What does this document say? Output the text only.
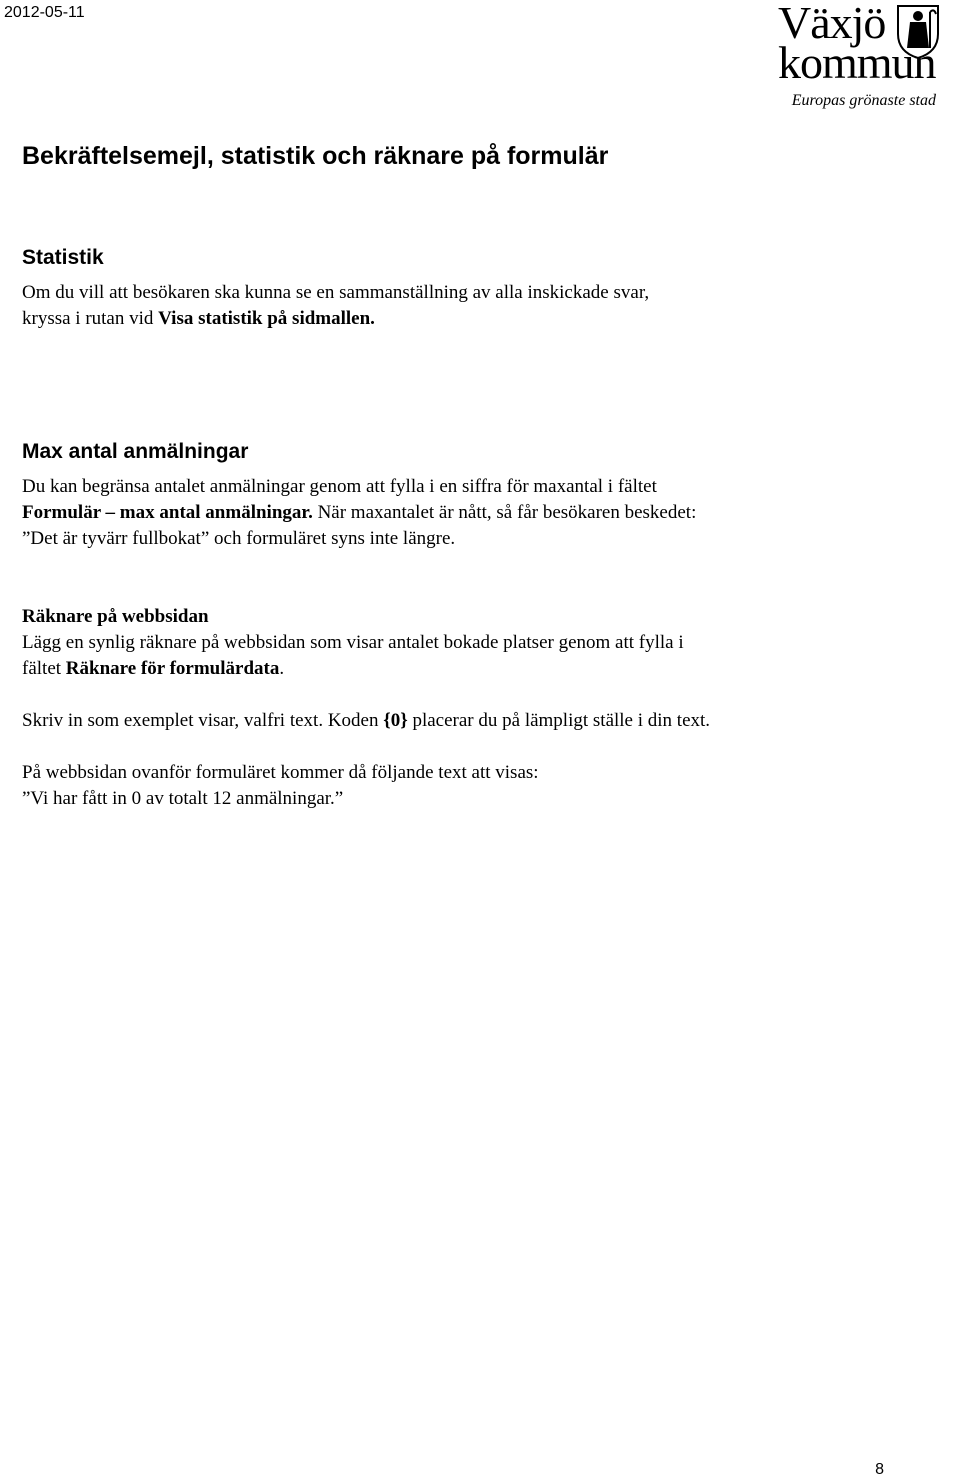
2012-05-11	Växjö
kommun
Europas grönaste stad
Bekräftelsemejl, statistik och räknare på formulär
Statistik
Om du vill att besökaren ska kunna se en sammanställning av alla inskickade svar,
kryssa i rutan vid Visa statistik på sidmallen.
Max antal anmälningar
Du kan begränsa antalet anmälningar genom att fylla i en siffra för maxantal i fältet
Formulär – max antal anmälningar. När maxantalet är nått, så får besökaren beskedet:
”Det är tyvärr fullbokat” och formuläret syns inte längre.
Räknare på webbsidan
Lägg en synlig räknare på webbsidan som visar antalet bokade platser genom att fylla i
fältet Räknare för formulärdata.
Skriv in som exemplet visar, valfri text. Koden {0} placerar du på lämpligt ställe i din text.
På webbsidan ovanför formuläret kommer då följande text att visas:
”Vi har fått in 0 av totalt 12 anmälningar.”
8
